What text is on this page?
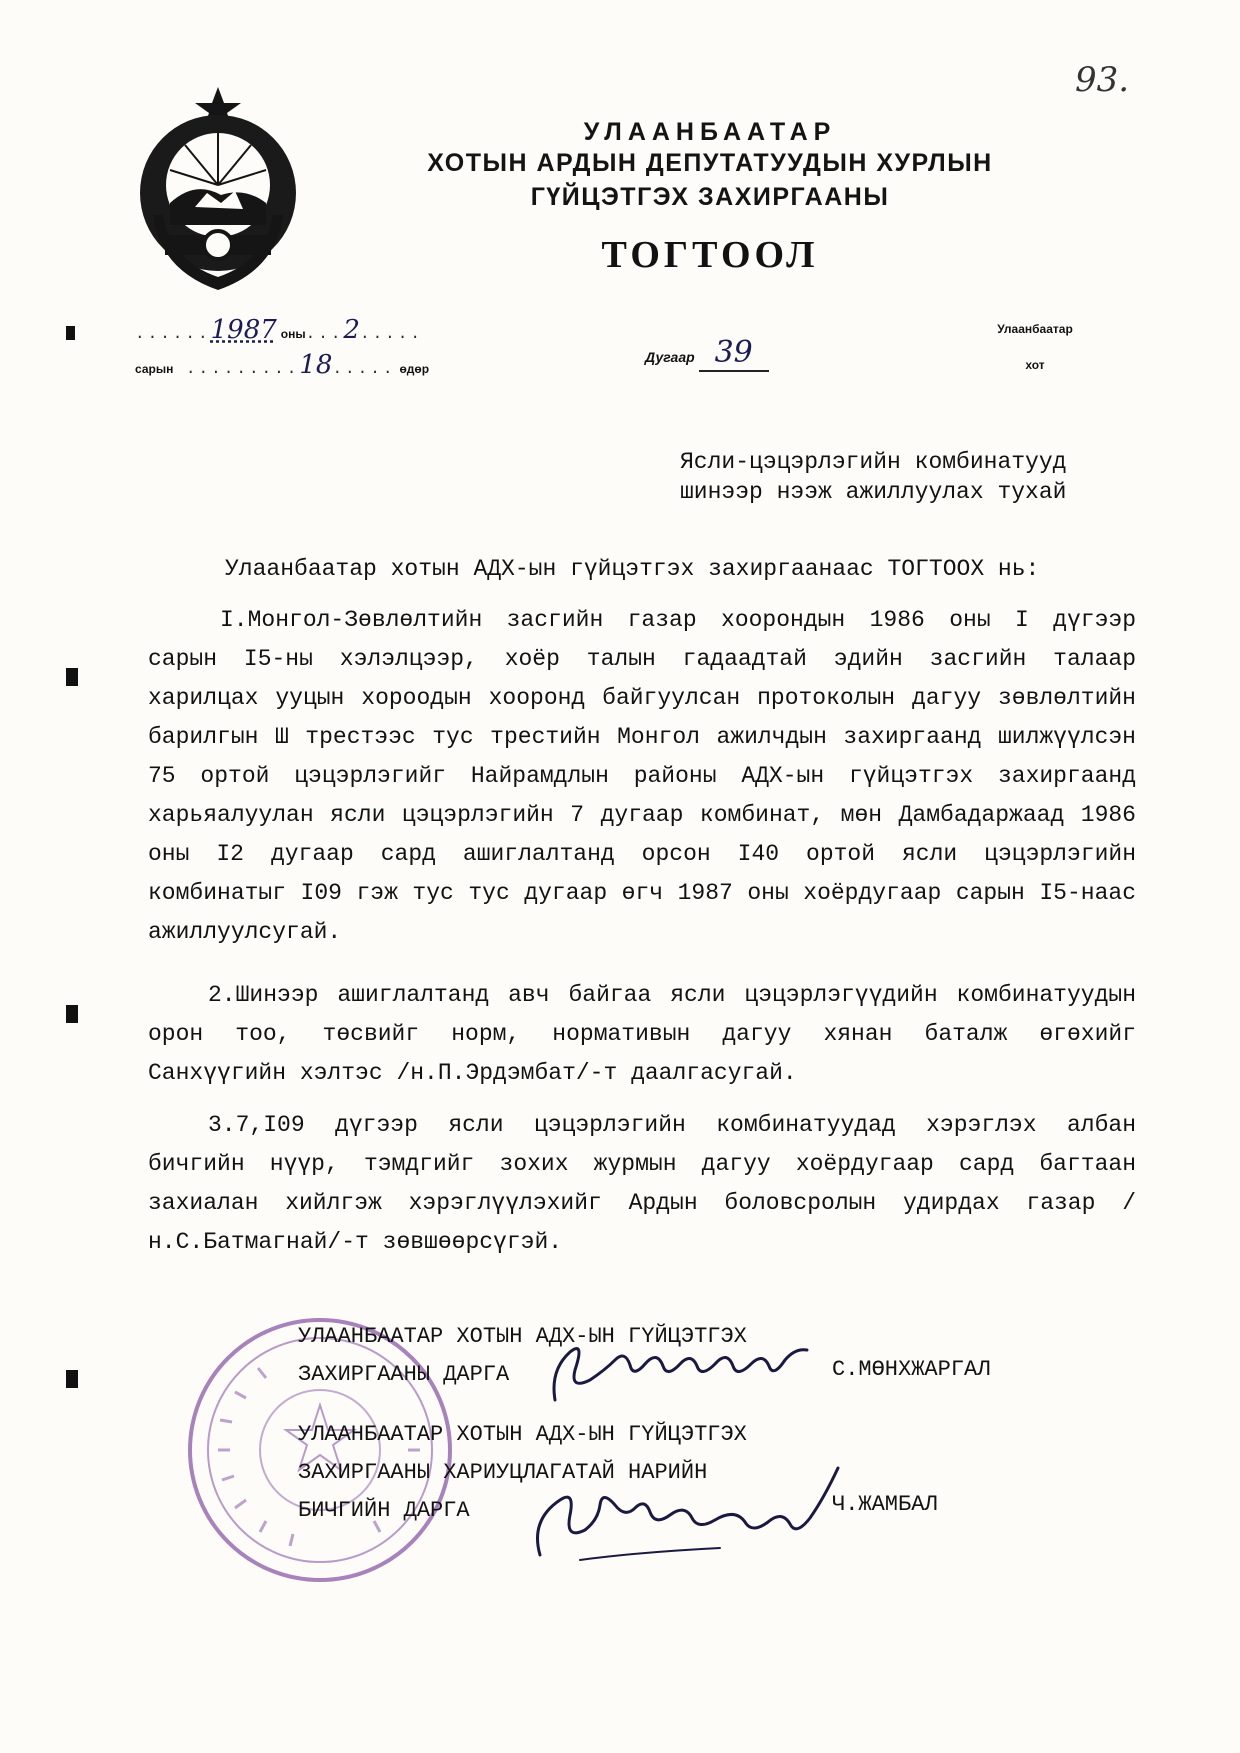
93.
УЛААНБААТАР
ХОТЫН АРДЫН ДЕПУТАТУУДЫН ХУРЛЫН
ГҮЙЦЭТГЭХ ЗАХИРГААНЫ
ТОГТООЛ
......1987 оны...2.....
сарын .........18..... өдөр
Дугаар 39
Улаанбаатар
хот
Ясли-цэцэрлэгийн комбинатууд
шинээр нээж ажиллуулах тухай
Улаанбаатар хотын АДХ-ын гүйцэтгэх захиргаанаас ТОГТООХ нь:
I.Монгол-Зөвлөлтийн засгийн газар хоорондын 1986 оны I дүгээр сарын I5-ны хэлэлцээр, хоёр талын гадаадтай эдийн засгийн талаар харилцах ууцын хороодын хооронд байгуулсан протоколын дагуу зөвлөлтийн барилгын Ш трестээс тус трестийн Монгол ажилчдын захиргаанд шилжүүлсэн 75 ортой цэцэрлэгийг Найрамдлын районы АДХ-ын гүйцэтгэх захиргаанд харьяалуулан ясли цэцэрлэгийн 7 дугаар комбинат, мөн Дамбадаржаад 1986 оны I2 дугаар сард ашиглалтанд орсон I40 ортой ясли цэцэрлэгийн комбинатыг I09 гэж тус тус дугаар өгч 1987 оны хоёрдугаар сарын I5-наас ажиллуулсугай.
2.Шинээр ашиглалтанд авч байгаа ясли цэцэрлэгүүдийн комбинатуудын орон тоо, төсвийг норм, нормативын дагуу хянан баталж өгөхийг Санхүүгийн хэлтэс /н.П.Эрдэмбат/-т даалгасугай.
3.7,I09 дүгээр ясли цэцэрлэгийн комбинатуудад хэрэглэх албан бичгийн нүүр, тэмдгийг зохих журмын дагуу хоёрдугаар сард багтаан захиалан хийлгэж хэрэглүүлэхийг Ардын боловсролын удирдах газар /н.С.Батмагнай/-т зөвшөөрсүгэй.
УЛААНБААТАР ХОТЫН АДХ-ЫН ГҮЙЦЭТГЭХ
ЗАХИРГААНЫ ДАРГА	С.МӨНХЖАРГАЛ
УЛААНБААТАР ХОТЫН АДХ-ЫН ГҮЙЦЭТГЭХ
ЗАХИРГААНЫ ХАРИУЦЛАГАТАЙ НАРИЙН
БИЧГИЙН ДАРГА	Ч.ЖАМБАЛ
